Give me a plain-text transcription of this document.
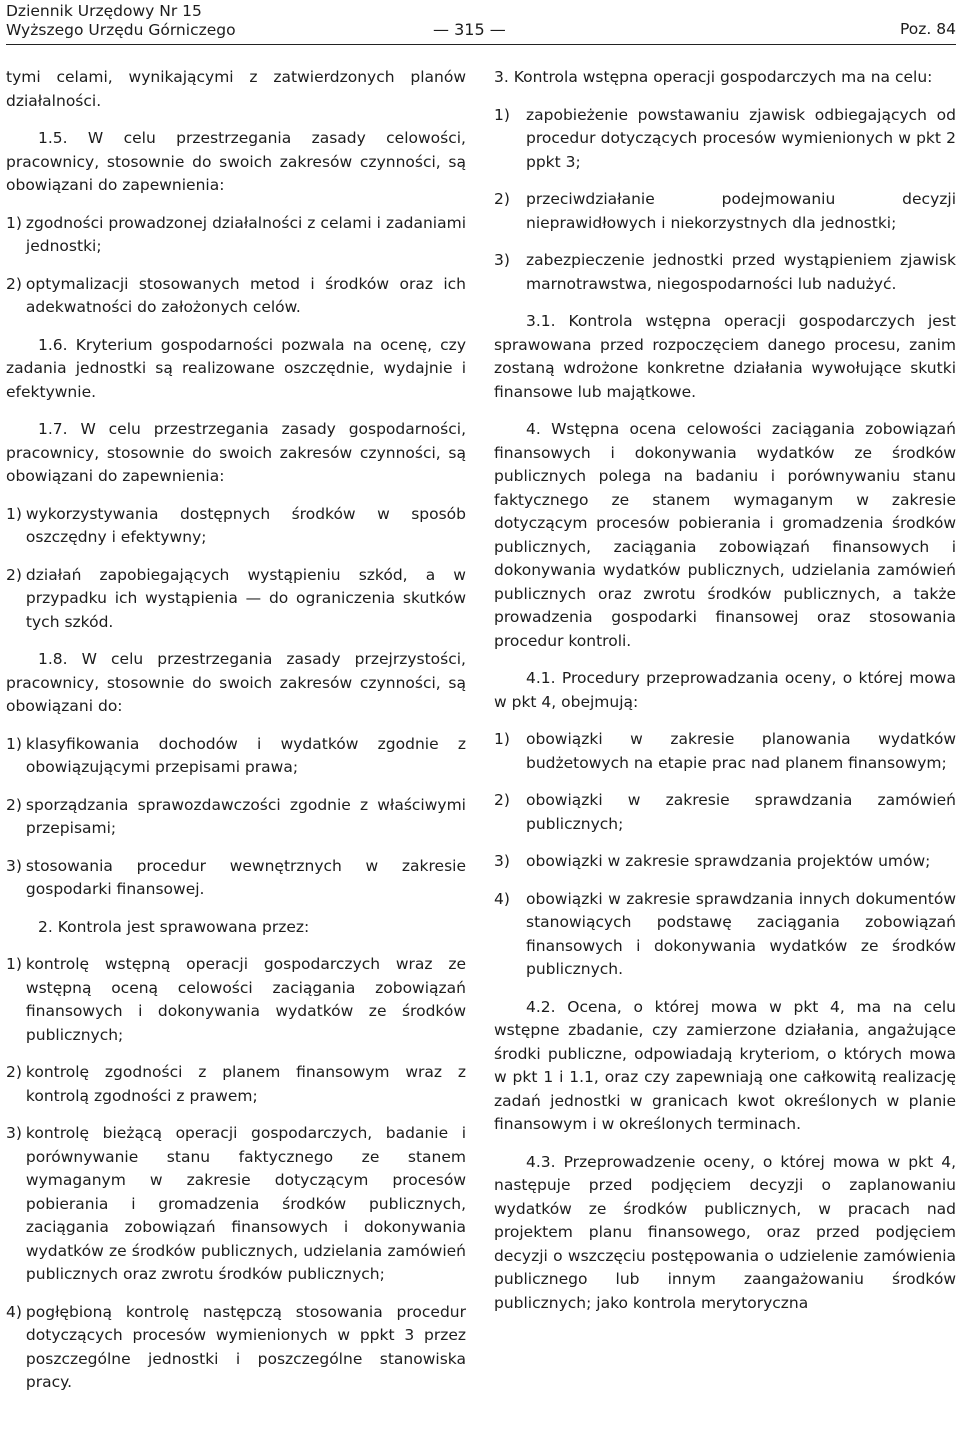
Dziennik Urzędowy Nr 15
Wyższego Urzędu Górniczego	— 315 —	Poz. 84

tymi celami, wynikającymi z zatwierdzonych planów działalności.

1.5. W celu przestrzegania zasady celowości, pracownicy, stosownie do swoich zakresów czynności, są obowiązani do zapewnienia:

1) zgodności prowadzonej działalności z celami i zadaniami jednostki;
2) optymalizacji stosowanych metod i środków oraz ich adekwatności do założonych celów.

1.6. Kryterium gospodarności pozwala na ocenę, czy zadania jednostki są realizowane oszczędnie, wydajnie i efektywnie.

1.7. W celu przestrzegania zasady gospodarności, pracownicy, stosownie do swoich zakresów czynności, są obowiązani do zapewnienia:

1) wykorzystywania dostępnych środków w sposób oszczędny i efektywny;
2) działań zapobiegających wystąpieniu szkód, a w przypadku ich wystąpienia — do ograniczenia skutków tych szkód.

1.8. W celu przestrzegania zasady przejrzystości, pracownicy, stosownie do swoich zakresów czynności, są obowiązani do:

1) klasyfikowania dochodów i wydatków zgodnie z obowiązującymi przepisami prawa;
2) sporządzania sprawozdawczości zgodnie z właściwymi przepisami;
3) stosowania procedur wewnętrznych w zakresie gospodarki finansowej.

2. Kontrola jest sprawowana przez:

1) kontrolę wstępną operacji gospodarczych wraz ze wstępną oceną celowości zaciągania zobowiązań finansowych i dokonywania wydatków ze środków publicznych;
2) kontrolę zgodności z planem finansowym wraz z kontrolą zgodności z prawem;
3) kontrolę bieżącą operacji gospodarczych, badanie i porównywanie stanu faktycznego ze stanem wymaganym w zakresie dotyczącym procesów pobierania i gromadzenia środków publicznych, zaciągania zobowiązań finansowych i dokonywania wydatków ze środków publicznych, udzielania zamówień publicznych oraz zwrotu środków publicznych;
4) pogłębioną kontrolę następczą stosowania procedur dotyczących procesów wymienionych w ppkt 3 przez poszczególne jednostki i poszczególne stanowiska pracy.

3. Kontrola wstępna operacji gospodarczych ma na celu:

1)	zapobieżenie powstawaniu zjawisk odbiegających od procedur dotyczących procesów wymienionych w pkt 2 ppkt 3;
2)	przeciwdziałanie podejmowaniu decyzji nieprawidłowych i niekorzystnych dla jednostki;
3)	zabezpieczenie jednostki przed wystąpieniem zjawisk marnotrawstwa, niegospodarności lub nadużyć.

3.1. Kontrola wstępna operacji gospodarczych jest sprawowana przed rozpoczęciem danego procesu, zanim zostaną wdrożone konkretne działania wywołujące skutki finansowe lub majątkowe.

4. Wstępna ocena celowości zaciągania zobowiązań finansowych i dokonywania wydatków ze środków publicznych polega na badaniu i porównywaniu stanu faktycznego ze stanem wymaganym w zakresie dotyczącym procesów pobierania i gromadzenia środków publicznych, zaciągania zobowiązań finansowych i dokonywania wydatków publicznych, udzielania zamówień publicznych oraz zwrotu środków publicznych, a także prowadzenia gospodarki finansowej oraz stosowania procedur kontroli.

4.1. Procedury przeprowadzania oceny, o której mowa w pkt 4, obejmują:

1)	obowiązki w zakresie planowania wydatków budżetowych na etapie prac nad planem finansowym;
2)	obowiązki w zakresie sprawdzania zamówień publicznych;
3)	obowiązki w zakresie sprawdzania projektów umów;
4)	obowiązki w zakresie sprawdzania innych dokumentów stanowiących podstawę zaciągania zobowiązań finansowych i dokonywania wydatków ze środków publicznych.

4.2. Ocena, o której mowa w pkt 4, ma na celu wstępne zbadanie, czy zamierzone działania, angażujące środki publiczne, odpowiadają kryteriom, o których mowa w pkt 1 i 1.1, oraz czy zapewniają one całkowitą realizację zadań jednostki w granicach kwot określonych w planie finansowym i w określonych terminach.

4.3. Przeprowadzenie oceny, o której mowa w pkt 4, następuje przed podjęciem decyzji o zaplanowaniu wydatków ze środków publicznych, w pracach nad projektem planu finansowego, oraz przed podjęciem decyzji o wszczęciu postępowania o udzielenie zamówienia publicznego lub innym zaangażowaniu środków publicznych; jako kontrola merytoryczna
